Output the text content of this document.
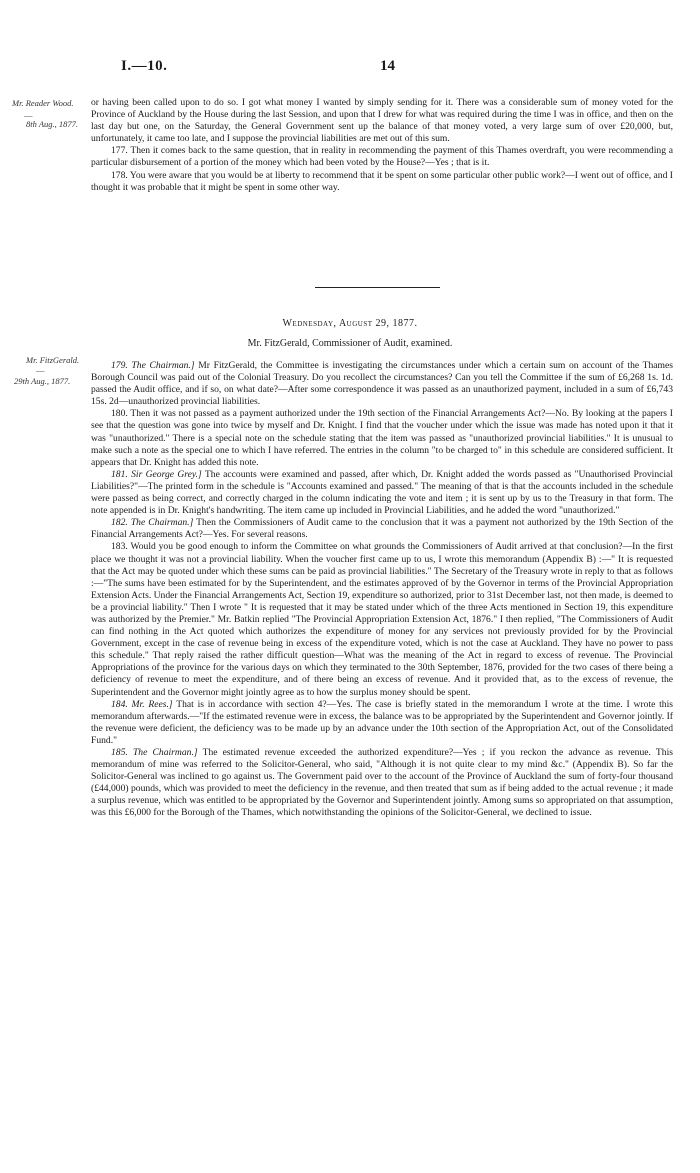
I.—10.	14
Mr. Reader Wood.
—
8th Aug., 1877.

or having been called upon to do so. I got what money I wanted by simply sending for it. There was a considerable sum of money voted for the Province of Auckland by the House during the last Session, and upon that I drew for what was required during the time I was in office, and then on the last day but one, on the Saturday, the General Government sent up the balance of that money voted, a very large sum of over £20,000, but, unfortunately, it came too late, and I suppose the provincial liabilities are met out of this sum.

177. Then it comes back to the same question, that in reality in recommending the payment of this Thames overdraft, you were recommending a particular disbursement of a portion of the money which had been voted by the House?—Yes ; that is it.

178. You were aware that you would be at liberty to recommend that it be spent on some particular other public work?—I went out of office, and I thought it was probable that it might be spent in some other way.

Wednesday, August 29, 1877.
Mr. FitzGerald, Commissioner of Audit, examined.
Mr. FitzGerald.
—
29th Aug., 1877.

179. The Chairman.] Mr FitzGerald, the Committee is investigating the circumstances under which a certain sum on account of the Thames Borough Council was paid out of the Colonial Treasury. Do you recollect the circumstances? Can you tell the Committee if the sum of £6,268 1s. 1d. passed the Audit office, and if so, on what date?—After some correspondence it was passed as an unauthorized payment, included in a sum of £6,743 15s. 2d—unauthorized provincial liabilities.

180. Then it was not passed as a payment authorized under the 19th section of the Financial Arrangements Act?—No. By looking at the papers I see that the question was gone into twice by myself and Dr. Knight. I find that the voucher under which the issue was made has noted upon it that it was "unauthorized." There is a special note on the schedule stating that the item was passed as "unauthorized provincial liabilities." It is unusual to make such a note as the special one to which I have referred. The entries in the column "to be charged to" in this schedule are considered sufficient. It appears that Dr. Knight has added this note.

181. Sir George Grey.] The accounts were examined and passed, after which, Dr. Knight added the words passed as "Unauthorised Provincial Liabilities?"—The printed form in the schedule is "Accounts examined and passed." The meaning of that is that the accounts included in the schedule were passed as being correct, and correctly charged in the column indicating the vote and item ; it is sent up by us to the Treasury in that form. The note appended is in Dr. Knight's handwriting. The item came up included in Provincial Liabilities, and he added the word "unauthorized."

182. The Chairman.] Then the Commissioners of Audit came to the conclusion that it was a payment not authorized by the 19th Section of the Financial Arrangements Act?—Yes. For several reasons.

183. Would you be good enough to inform the Committee on what grounds the Commissioners of Audit arrived at that conclusion?—In the first place we thought it was not a provincial liability. When the voucher first came up to us, I wrote this memorandum (Appendix B) :—" It is requested that the Act may be quoted under which these sums can be paid as provincial liabilities." The Secretary of the Treasury wrote in reply to that as follows :—"The sums have been estimated for by the Superintendent, and the estimates approved of by the Governor in terms of the Provincial Appropriation Extension Acts. Under the Financial Arrangements Act, Section 19, expenditure so authorized, prior to 31st December last, not then made, is deemed to be a provincial liability." Then I wrote " It is requested that it may be stated under which of the three Acts mentioned in Section 19, this expenditure was authorized by the Premier." Mr. Batkin replied "The Provincial Appropriation Extension Act, 1876." I then replied, "The Commissioners of Audit can find nothing in the Act quoted which authorizes the expenditure of money for any services not previously provided for by the Provincial Government, except in the case of revenue being in excess of the expenditure voted, which is not the case at Auckland. They have no power to pass this schedule." That reply raised the rather difficult question—What was the meaning of the Act in regard to excess of revenue. The Provincial Appropriations of the province for the various days on which they terminated to the 30th September, 1876, provided for the two cases of there being a deficiency of revenue to meet the expenditure, and of there being an excess of revenue. And it provided that, as to the excess of revenue, the Superintendent and the Governor might jointly agree as to how the surplus money should be spent.

184. Mr. Rees.] That is in accordance with section 4?—Yes. The case is briefly stated in the memorandum I wrote at the time. I wrote this memorandum afterwards.—"If the estimated revenue were in excess, the balance was to be appropriated by the Superintendent and Governor jointly. If the revenue were deficient, the deficiency was to be made up by an advance under the 10th section of the Appropriation Act, out of the Consolidated Fund."

185. The Chairman.] The estimated revenue exceeded the authorized expenditure?—Yes ; if you reckon the advance as revenue. This memorandum of mine was referred to the Solicitor-General, who said, "Although it is not quite clear to my mind &c." (Appendix B). So far the Solicitor-General was inclined to go against us. The Government paid over to the account of the Province of Auckland the sum of forty-four thousand (£44,000) pounds, which was provided to meet the deficiency in the revenue, and then treated that sum as if being added to the actual revenue ; it made a surplus revenue, which was entitled to be appropriated by the Governor and Superintendent jointly. Among sums so appropriated on that assumption, was this £6,000 for the Borough of the Thames, which notwithstanding the opinions of the Solicitor-General, we declined to issue.
